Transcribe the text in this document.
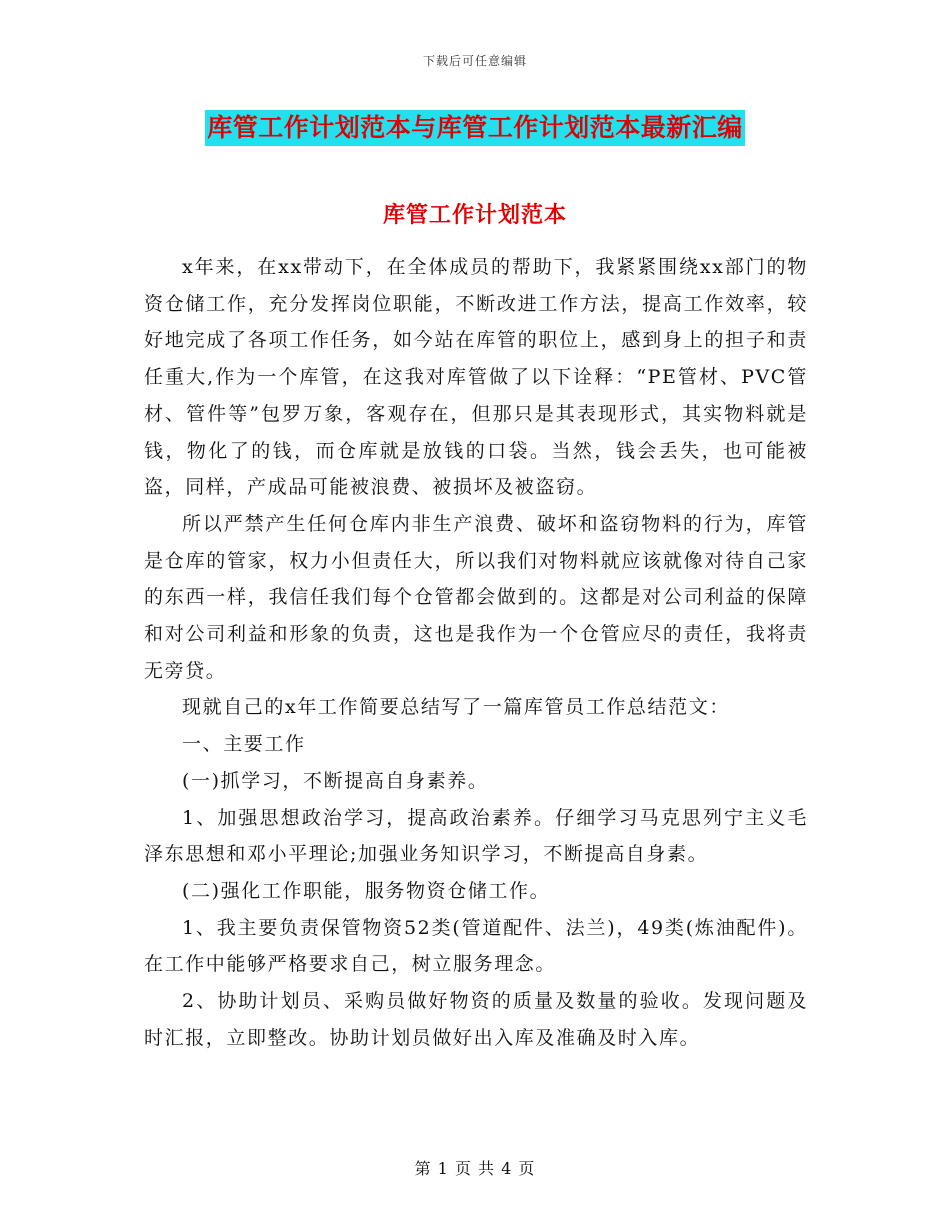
下载后可任意编辑
库管工作计划范本与库管工作计划范本最新汇编
库管工作计划范本

x年来，在xx带动下，在全体成员的帮助下，我紧紧围绕xx部门的物资仓储工作，充分发挥岗位职能，不断改进工作方法，提高工作效率，较好地完成了各项工作任务，如今站在库管的职位上，感到身上的担子和责任重大,作为一个库管，在这我对库管做了以下诠释：“PE管材、PVC管材、管件等”包罗万象，客观存在，但那只是其表现形式，其实物料就是钱，物化了的钱，而仓库就是放钱的口袋。当然，钱会丢失，也可能被盗，同样，产成品可能被浪费、被损坏及被盗窃。

所以严禁产生任何仓库内非生产浪费、破坏和盗窃物料的行为，库管是仓库的管家，权力小但责任大，所以我们对物料就应该就像对待自己家的东西一样，我信任我们每个仓管都会做到的。这都是对公司利益的保障和对公司利益和形象的负责，这也是我作为一个仓管应尽的责任，我将责无旁贷。

现就自己的x年工作简要总结写了一篇库管员工作总结范文：

一、主要工作

(一)抓学习，不断提高自身素养。

1、加强思想政治学习，提高政治素养。仔细学习马克思列宁主义毛泽东思想和邓小平理论;加强业务知识学习，不断提高自身素。

(二)强化工作职能，服务物资仓储工作。

1、我主要负责保管物资52类(管道配件、法兰)，49类(炼油配件)。在工作中能够严格要求自己，树立服务理念。

2、协助计划员、采购员做好物资的质量及数量的验收。发现问题及时汇报，立即整改。协助计划员做好出入库及准确及时入库。

第 1 页 共 4 页
